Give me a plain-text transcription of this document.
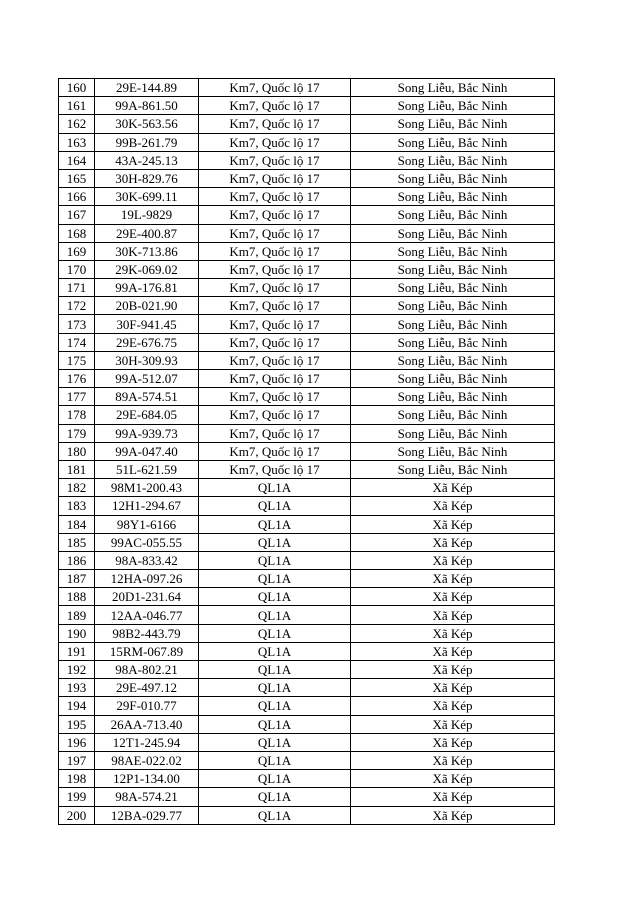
160	29E-144.89	Km7, Quốc lộ 17	Song Liễu, Bắc Ninh
161	99A-861.50	Km7, Quốc lộ 17	Song Liễu, Bắc Ninh
162	30K-563.56	Km7, Quốc lộ 17	Song Liễu, Bắc Ninh
163	99B-261.79	Km7, Quốc lộ 17	Song Liễu, Bắc Ninh
164	43A-245.13	Km7, Quốc lộ 17	Song Liễu, Bắc Ninh
165	30H-829.76	Km7, Quốc lộ 17	Song Liễu, Bắc Ninh
166	30K-699.11	Km7, Quốc lộ 17	Song Liễu, Bắc Ninh
167	19L-9829	Km7, Quốc lộ 17	Song Liễu, Bắc Ninh
168	29E-400.87	Km7, Quốc lộ 17	Song Liễu, Bắc Ninh
169	30K-713.86	Km7, Quốc lộ 17	Song Liễu, Bắc Ninh
170	29K-069.02	Km7, Quốc lộ 17	Song Liễu, Bắc Ninh
171	99A-176.81	Km7, Quốc lộ 17	Song Liễu, Bắc Ninh
172	20B-021.90	Km7, Quốc lộ 17	Song Liễu, Bắc Ninh
173	30F-941.45	Km7, Quốc lộ 17	Song Liễu, Bắc Ninh
174	29E-676.75	Km7, Quốc lộ 17	Song Liễu, Bắc Ninh
175	30H-309.93	Km7, Quốc lộ 17	Song Liễu, Bắc Ninh
176	99A-512.07	Km7, Quốc lộ 17	Song Liễu, Bắc Ninh
177	89A-574.51	Km7, Quốc lộ 17	Song Liễu, Bắc Ninh
178	29E-684.05	Km7, Quốc lộ 17	Song Liễu, Bắc Ninh
179	99A-939.73	Km7, Quốc lộ 17	Song Liễu, Bắc Ninh
180	99A-047.40	Km7, Quốc lộ 17	Song Liễu, Bắc Ninh
181	51L-621.59	Km7, Quốc lộ 17	Song Liễu, Bắc Ninh
182	98M1-200.43	QL1A	Xã Kép
183	12H1-294.67	QL1A	Xã Kép
184	98Y1-6166	QL1A	Xã Kép
185	99AC-055.55	QL1A	Xã Kép
186	98A-833.42	QL1A	Xã Kép
187	12HA-097.26	QL1A	Xã Kép
188	20D1-231.64	QL1A	Xã Kép
189	12AA-046.77	QL1A	Xã Kép
190	98B2-443.79	QL1A	Xã Kép
191	15RM-067.89	QL1A	Xã Kép
192	98A-802.21	QL1A	Xã Kép
193	29E-497.12	QL1A	Xã Kép
194	29F-010.77	QL1A	Xã Kép
195	26AA-713.40	QL1A	Xã Kép
196	12T1-245.94	QL1A	Xã Kép
197	98AE-022.02	QL1A	Xã Kép
198	12P1-134.00	QL1A	Xã Kép
199	98A-574.21	QL1A	Xã Kép
200	12BA-029.77	QL1A	Xã Kép
